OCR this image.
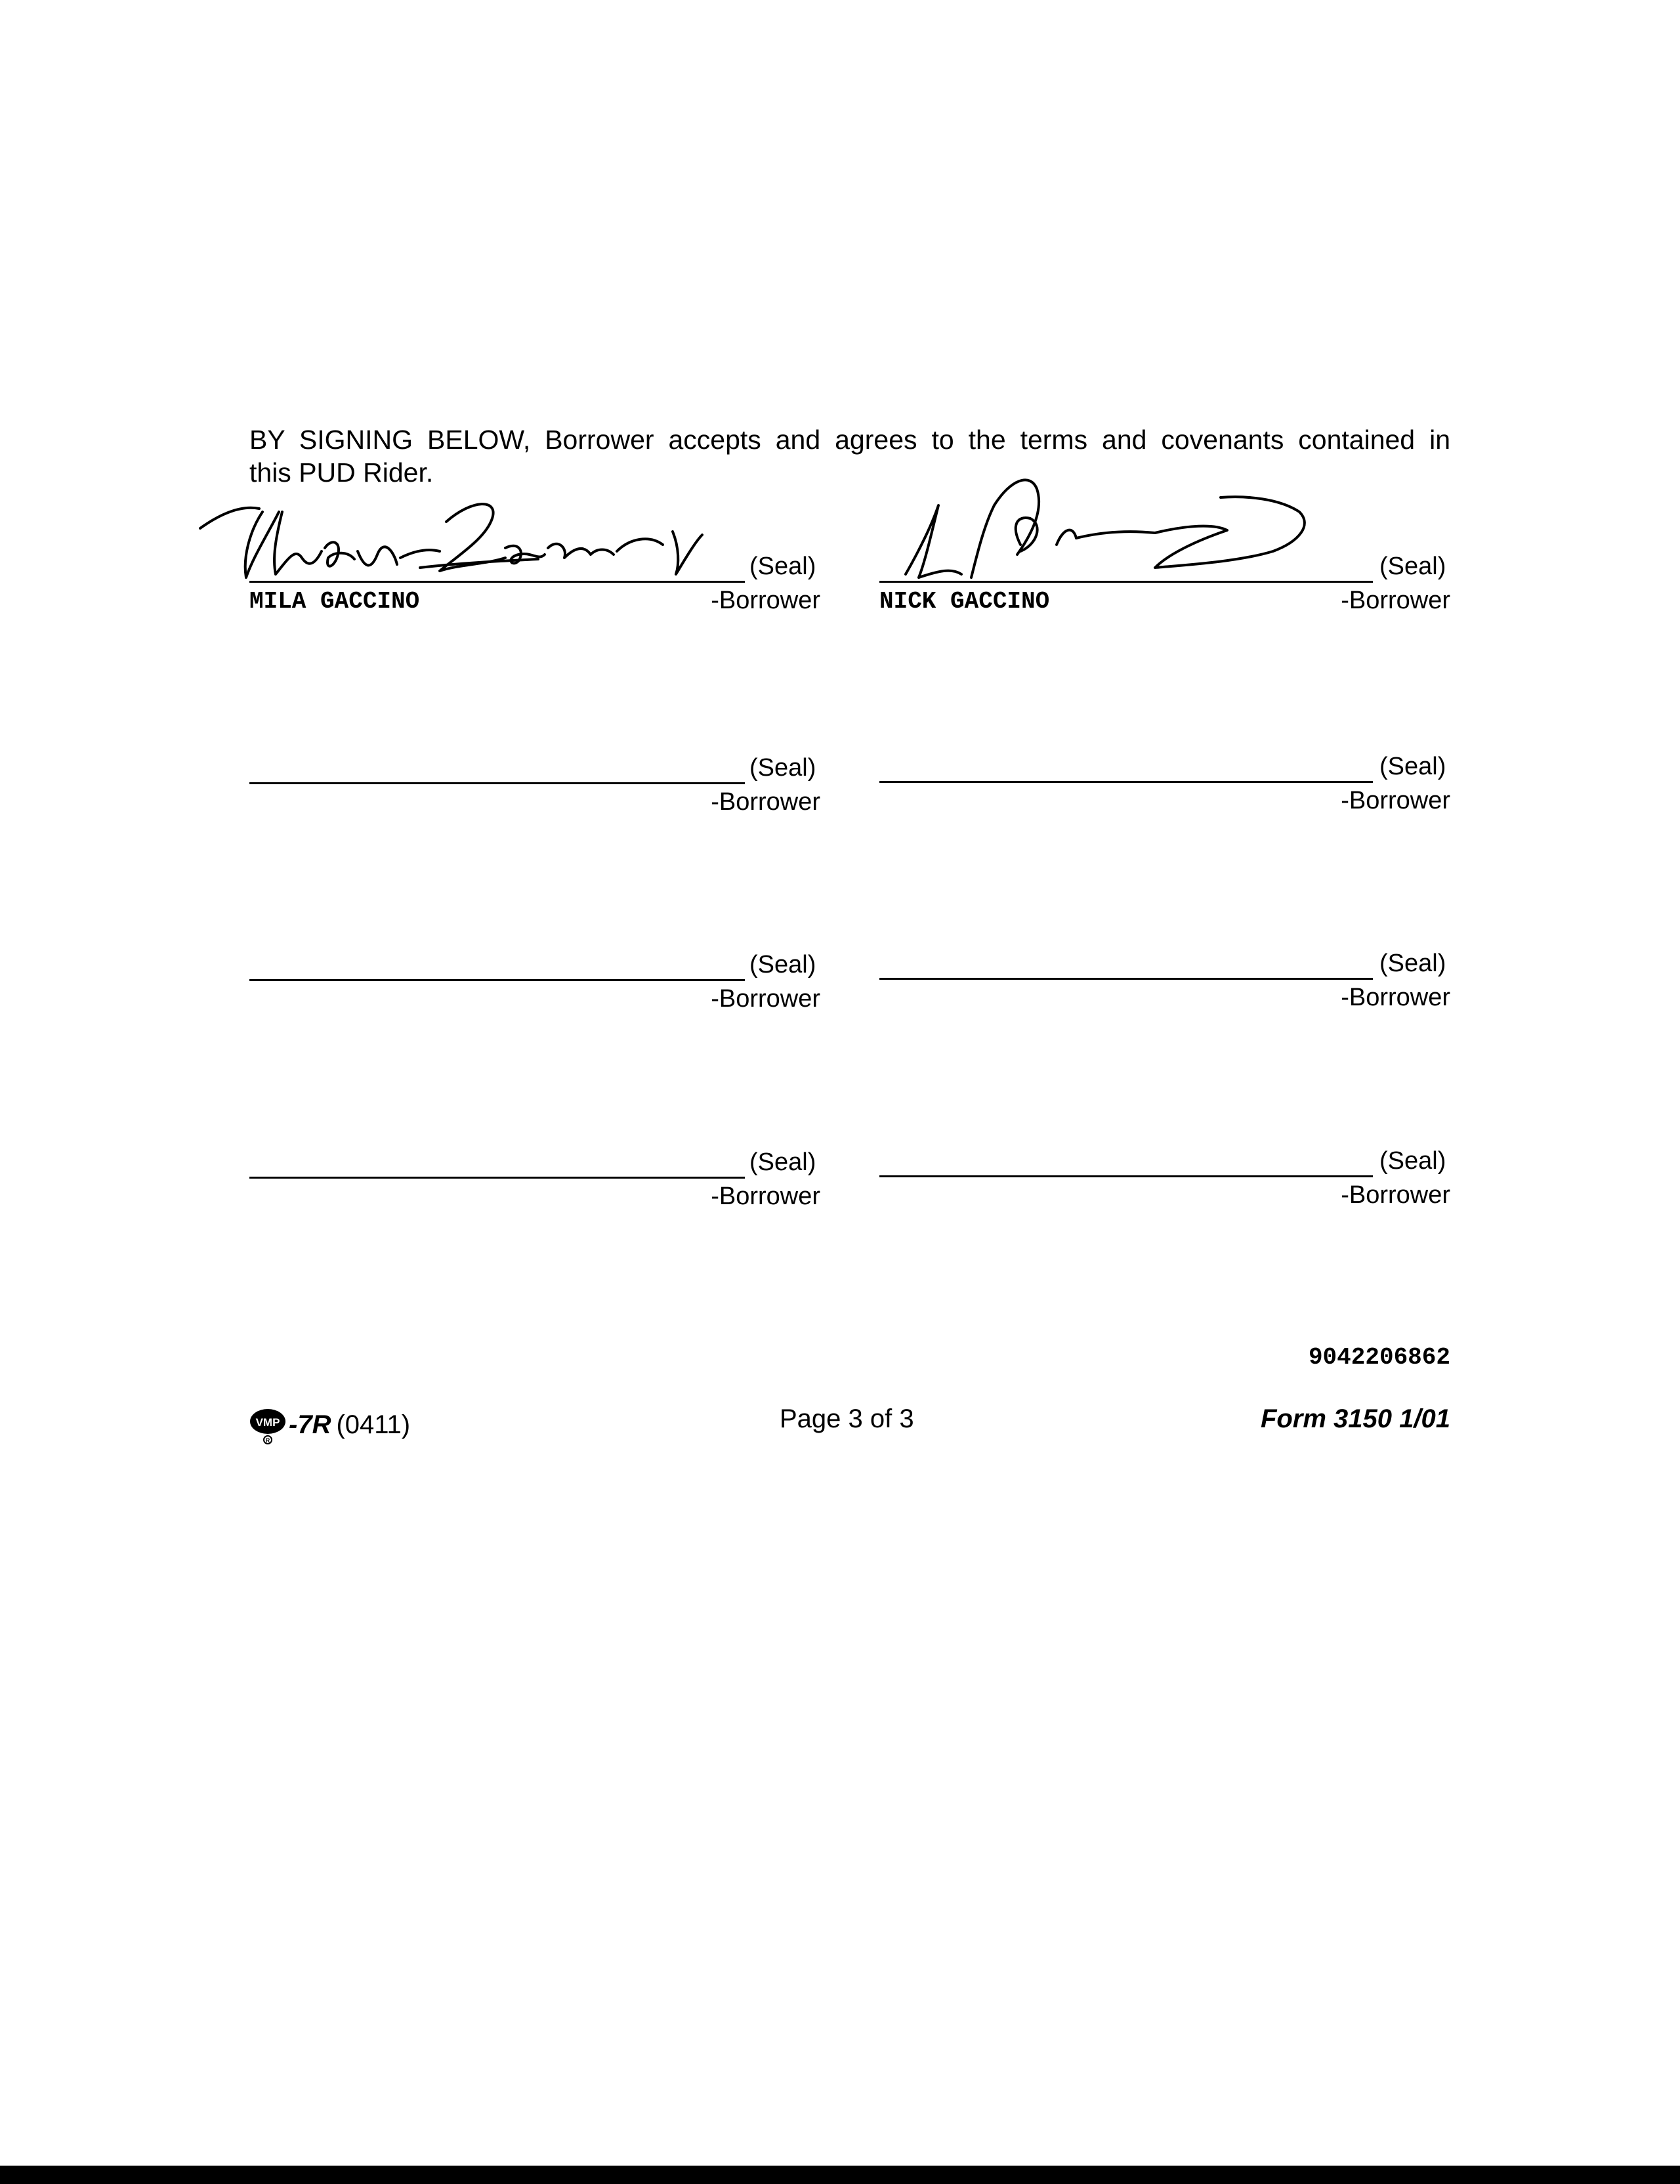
BY SIGNING BELOW, Borrower accepts and agrees to the terms and covenants contained in
this PUD Rider.
(Seal)
MILA GACCINO	-Borrower
(Seal)
NICK GACCINO	-Borrower
(Seal)
-Borrower
(Seal)
-Borrower
(Seal)
-Borrower
(Seal)
-Borrower
(Seal)
-Borrower
(Seal)
-Borrower
9042206862
VMP
R
-7R (0411)	Page 3 of 3	Form 3150 1/01
